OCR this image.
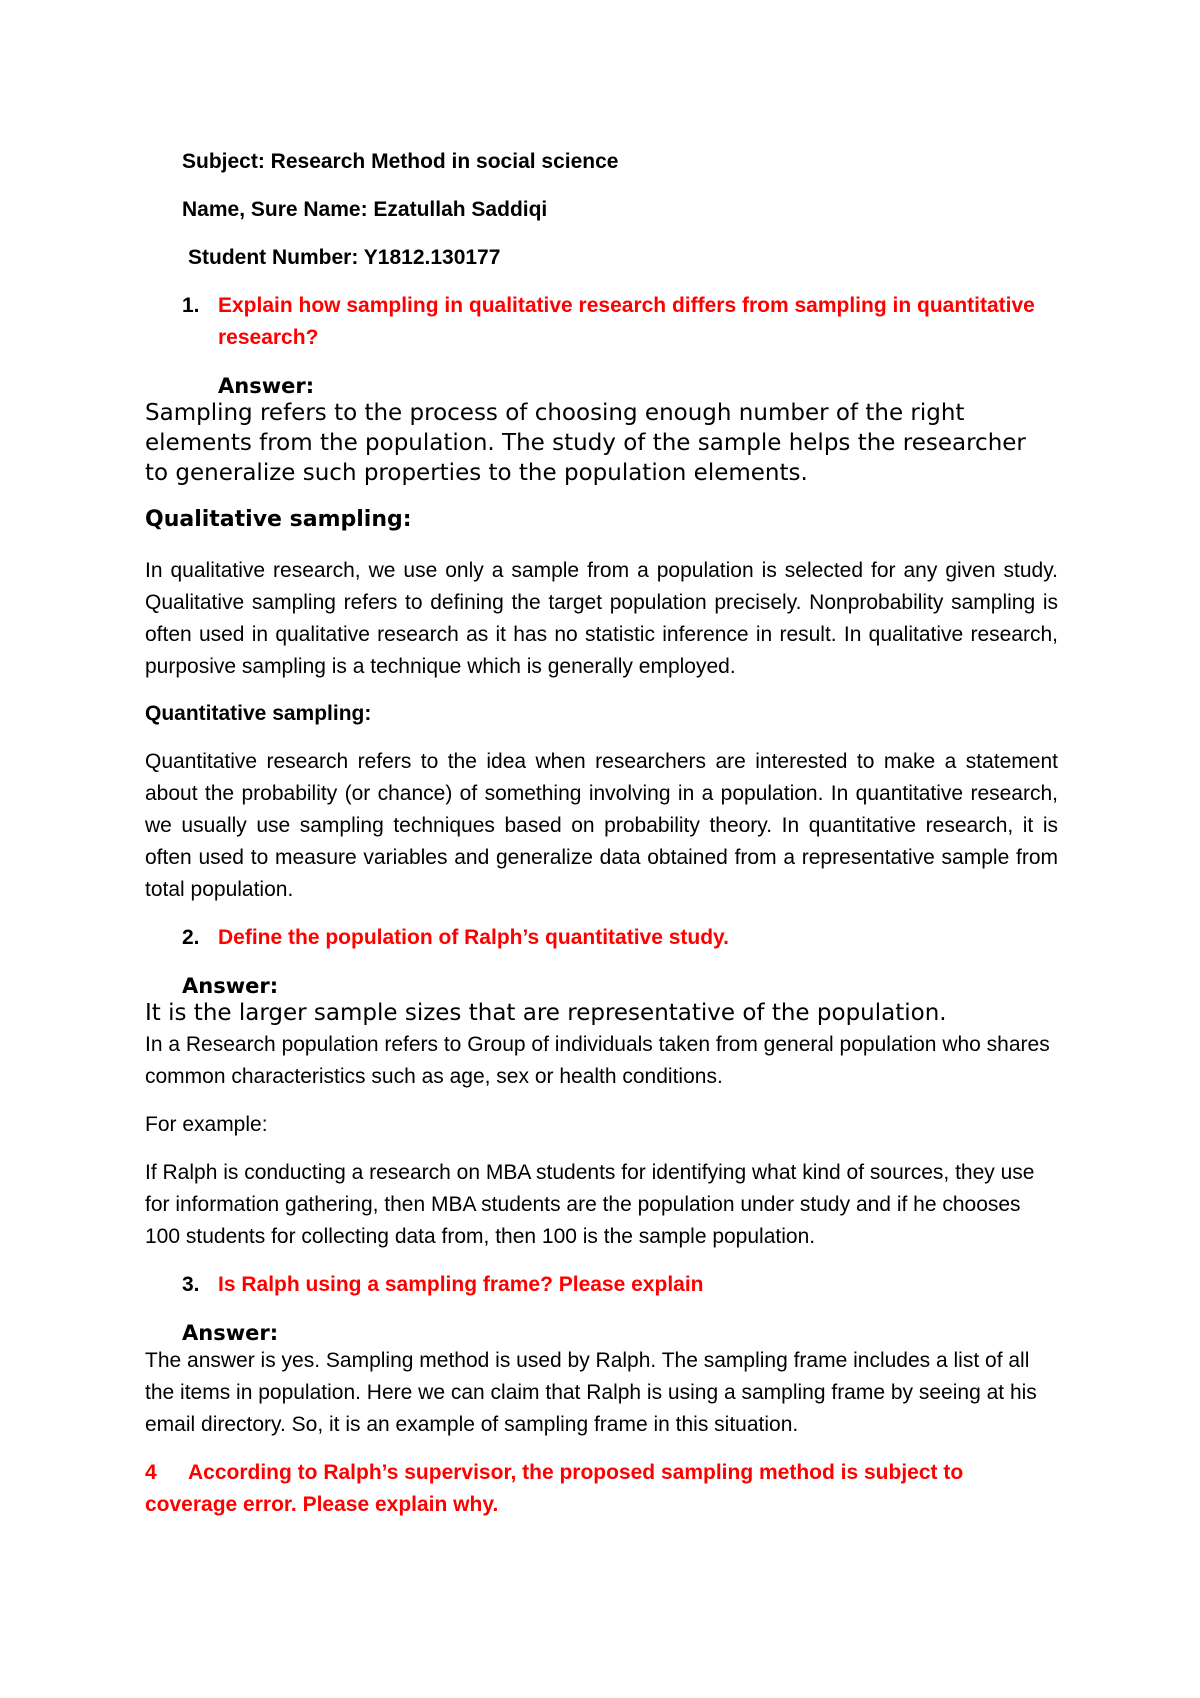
Subject: Research Method in social science

Name, Sure Name: Ezatullah Saddiqi

Student Number: Y1812.130177

1. Explain how sampling in qualitative research differs from sampling in quantitative research?

Answer:

Sampling refers to the process of choosing enough number of the right elements from the population. The study of the sample helps the researcher to generalize such properties to the population elements.

Qualitative sampling:

In qualitative research, we use only a sample from a population is selected for any given study. Qualitative sampling refers to defining the target population precisely. Nonprobability sampling is often used in qualitative research as it has no statistic inference in result. In qualitative research, purposive sampling is a technique which is generally employed.

Quantitative sampling:

Quantitative research refers to the idea when researchers are interested to make a statement about the probability (or chance) of something involving in a population. In quantitative research, we usually use sampling techniques based on probability theory. In quantitative research, it is often used to measure variables and generalize data obtained from a representative sample from total population.

2. Define the population of Ralph’s quantitative study.

Answer:

It is the larger sample sizes that are representative of the population.

In a Research population refers to Group of individuals taken from general population who shares common characteristics such as age, sex or health conditions.

For example:

If Ralph is conducting a research on MBA students for identifying what kind of sources, they use for information gathering, then MBA students are the population under study and if he chooses 100 students for collecting data from, then 100 is the sample population.

3. Is Ralph using a sampling frame? Please explain

Answer:

The answer is yes. Sampling method is used by Ralph. The sampling frame includes a list of all the items in population. Here we can claim that Ralph is using a sampling frame by seeing at his email directory. So, it is an example of sampling frame in this situation.

4	According to Ralph’s supervisor, the proposed sampling method is subject to coverage error. Please explain why.
